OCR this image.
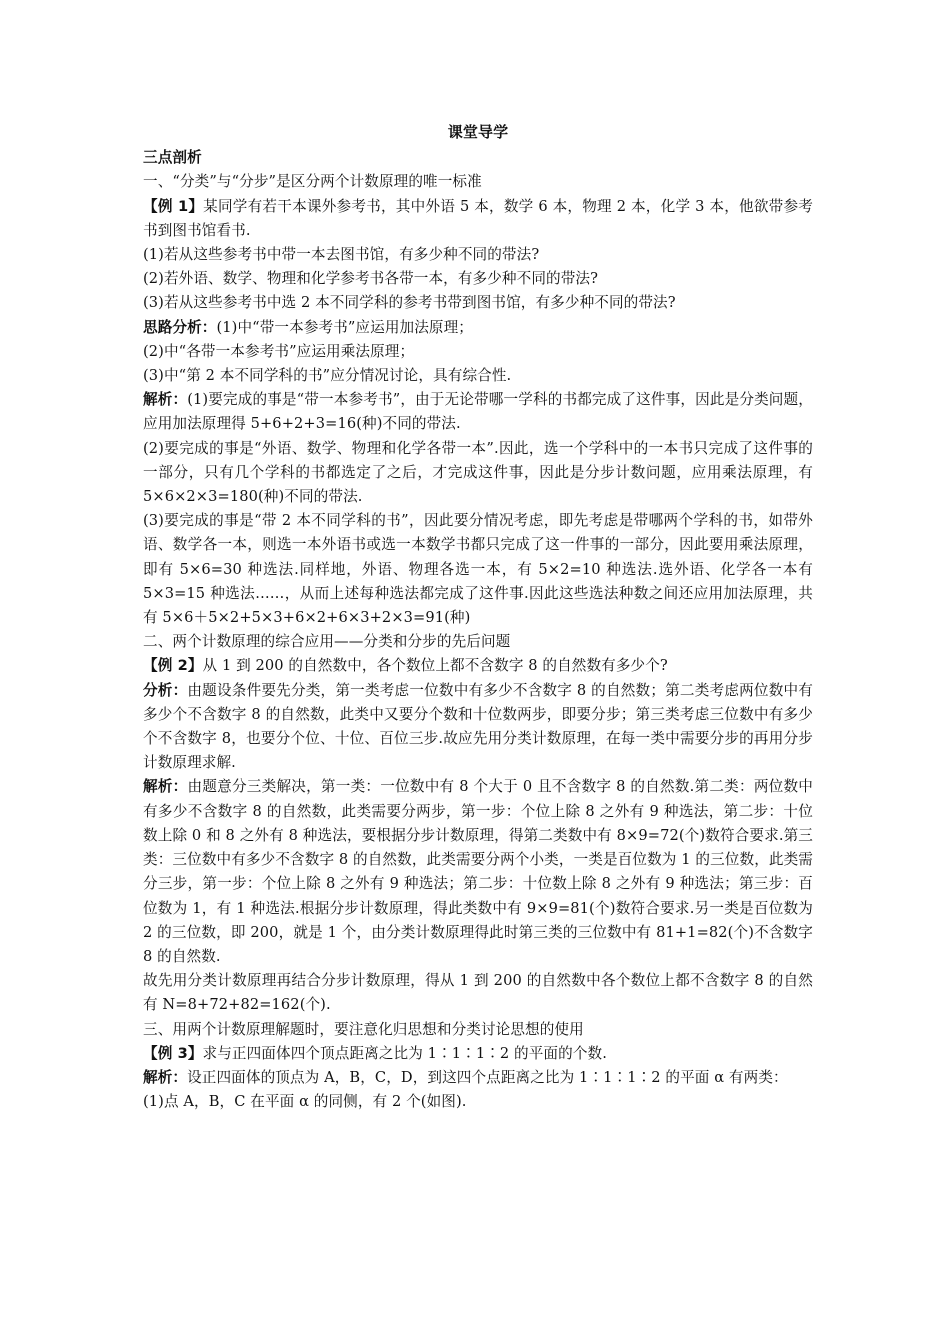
课堂导学

三点剖析

一、“分类”与“分步”是区分两个计数原理的唯一标准

【例 1】某同学有若干本课外参考书，其中外语 5 本，数学 6 本，物理 2 本，化学 3 本，他欲带参考书到图书馆看书.

(1)若从这些参考书中带一本去图书馆，有多少种不同的带法?

(2)若外语、数学、物理和化学参考书各带一本，有多少种不同的带法?

(3)若从这些参考书中选 2 本不同学科的参考书带到图书馆，有多少种不同的带法?

思路分析：(1)中“带一本参考书”应运用加法原理；

(2)中“各带一本参考书”应运用乘法原理；

(3)中“第 2 本不同学科的书”应分情况讨论，具有综合性.

解析：(1)要完成的事是“带一本参考书”，由于无论带哪一学科的书都完成了这件事，因此是分类问题，应用加法原理得 5+6+2+3=16(种)不同的带法.

(2)要完成的事是“外语、数学、物理和化学各带一本”.因此，选一个学科中的一本书只完成了这件事的一部分，只有几个学科的书都选定了之后，才完成这件事，因此是分步计数问题，应用乘法原理，有 5×6×2×3=180(种)不同的带法.

(3)要完成的事是“带 2 本不同学科的书”，因此要分情况考虑，即先考虑是带哪两个学科的书，如带外语、数学各一本，则选一本外语书或选一本数学书都只完成了这一件事的一部分，因此要用乘法原理，即有 5×6=30 种选法.同样地，外语、物理各选一本，有 5×2=10 种选法.选外语、化学各一本有 5×3=15 种选法……，从而上述每种选法都完成了这件事.因此这些选法种数之间还应用加法原理，共有 5×6＋5×2+5×3+6×2+6×3+2×3=91(种)

二、两个计数原理的综合应用——分类和分步的先后问题

【例 2】从 1 到 200 的自然数中，各个数位上都不含数字 8 的自然数有多少个?

分析：由题设条件要先分类，第一类考虑一位数中有多少不含数字 8 的自然数；第二类考虑两位数中有多少个不含数字 8 的自然数，此类中又要分个数和十位数两步，即要分步；第三类考虑三位数中有多少个不含数字 8，也要分个位、十位、百位三步.故应先用分类计数原理，在每一类中需要分步的再用分步计数原理求解.

解析：由题意分三类解决，第一类：一位数中有 8 个大于 0 且不含数字 8 的自然数.第二类：两位数中有多少不含数字 8 的自然数，此类需要分两步，第一步：个位上除 8 之外有 9 种选法，第二步：十位数上除 0 和 8 之外有 8 种选法，要根据分步计数原理，得第二类数中有 8×9=72(个)数符合要求.第三类：三位数中有多少不含数字 8 的自然数，此类需要分两个小类，一类是百位数为 1 的三位数，此类需分三步，第一步：个位上除 8 之外有 9 种选法；第二步：十位数上除 8 之外有 9 种选法；第三步：百位数为 1，有 1 种选法.根据分步计数原理，得此类数中有 9×9=81(个)数符合要求.另一类是百位数为 2 的三位数，即 200，就是 1 个，由分类计数原理得此时第三类的三位数中有 81+1=82(个)不含数字 8 的自然数.

故先用分类计数原理再结合分步计数原理，得从 1 到 200 的自然数中各个数位上都不含数字 8 的自然有 N=8+72+82=162(个).

三、用两个计数原理解题时，要注意化归思想和分类讨论思想的使用

【例 3】求与正四面体四个顶点距离之比为 1∶1∶1∶2 的平面的个数.

解析：设正四面体的顶点为 A，B，C，D，到这四个点距离之比为 1∶1∶1∶2 的平面 α 有两类：

(1)点 A，B，C 在平面 α 的同侧，有 2 个(如图).
